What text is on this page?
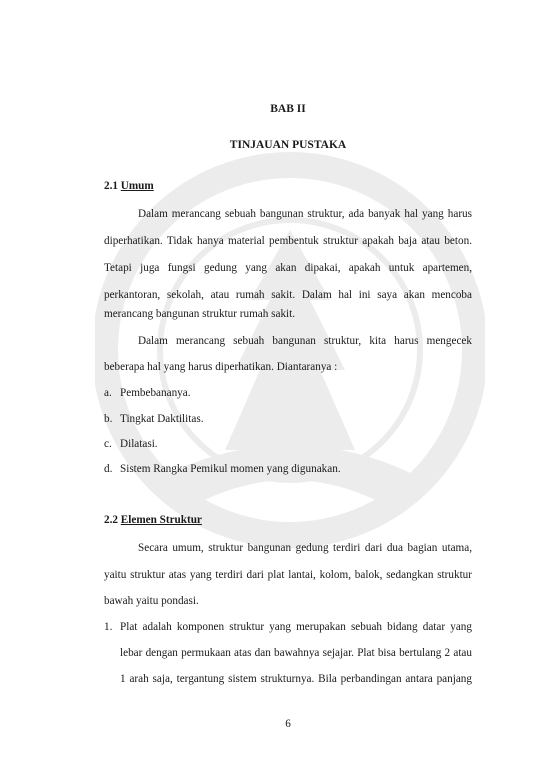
BAB II
TINJAUAN PUSTAKA
2.1 Umum
Dalam merancang sebuah bangunan struktur, ada banyak hal yang harus
diperhatikan. Tidak hanya material pembentuk struktur apakah baja atau beton.
Tetapi juga fungsi gedung yang akan dipakai, apakah untuk apartemen,
perkantoran, sekolah, atau rumah sakit. Dalam hal ini saya akan mencoba
merancang bangunan struktur rumah sakit.
Dalam merancang sebuah bangunan struktur, kita harus mengecek
beberapa hal yang harus diperhatikan. Diantaranya :
a. Pembebananya.
b. Tingkat Daktilitas.
c. Dilatasi.
d. Sistem Rangka Pemikul momen yang digunakan.
2.2 Elemen Struktur
Secara umum, struktur bangunan gedung terdiri dari dua bagian utama,
yaitu struktur atas yang terdiri dari plat lantai, kolom, balok, sedangkan struktur
bawah yaitu pondasi.
1. Plat adalah komponen struktur yang merupakan sebuah bidang datar yang
lebar dengan permukaan atas dan bawahnya sejajar. Plat bisa bertulang 2 atau
1 arah saja, tergantung sistem strukturnya. Bila perbandingan antara panjang
6
